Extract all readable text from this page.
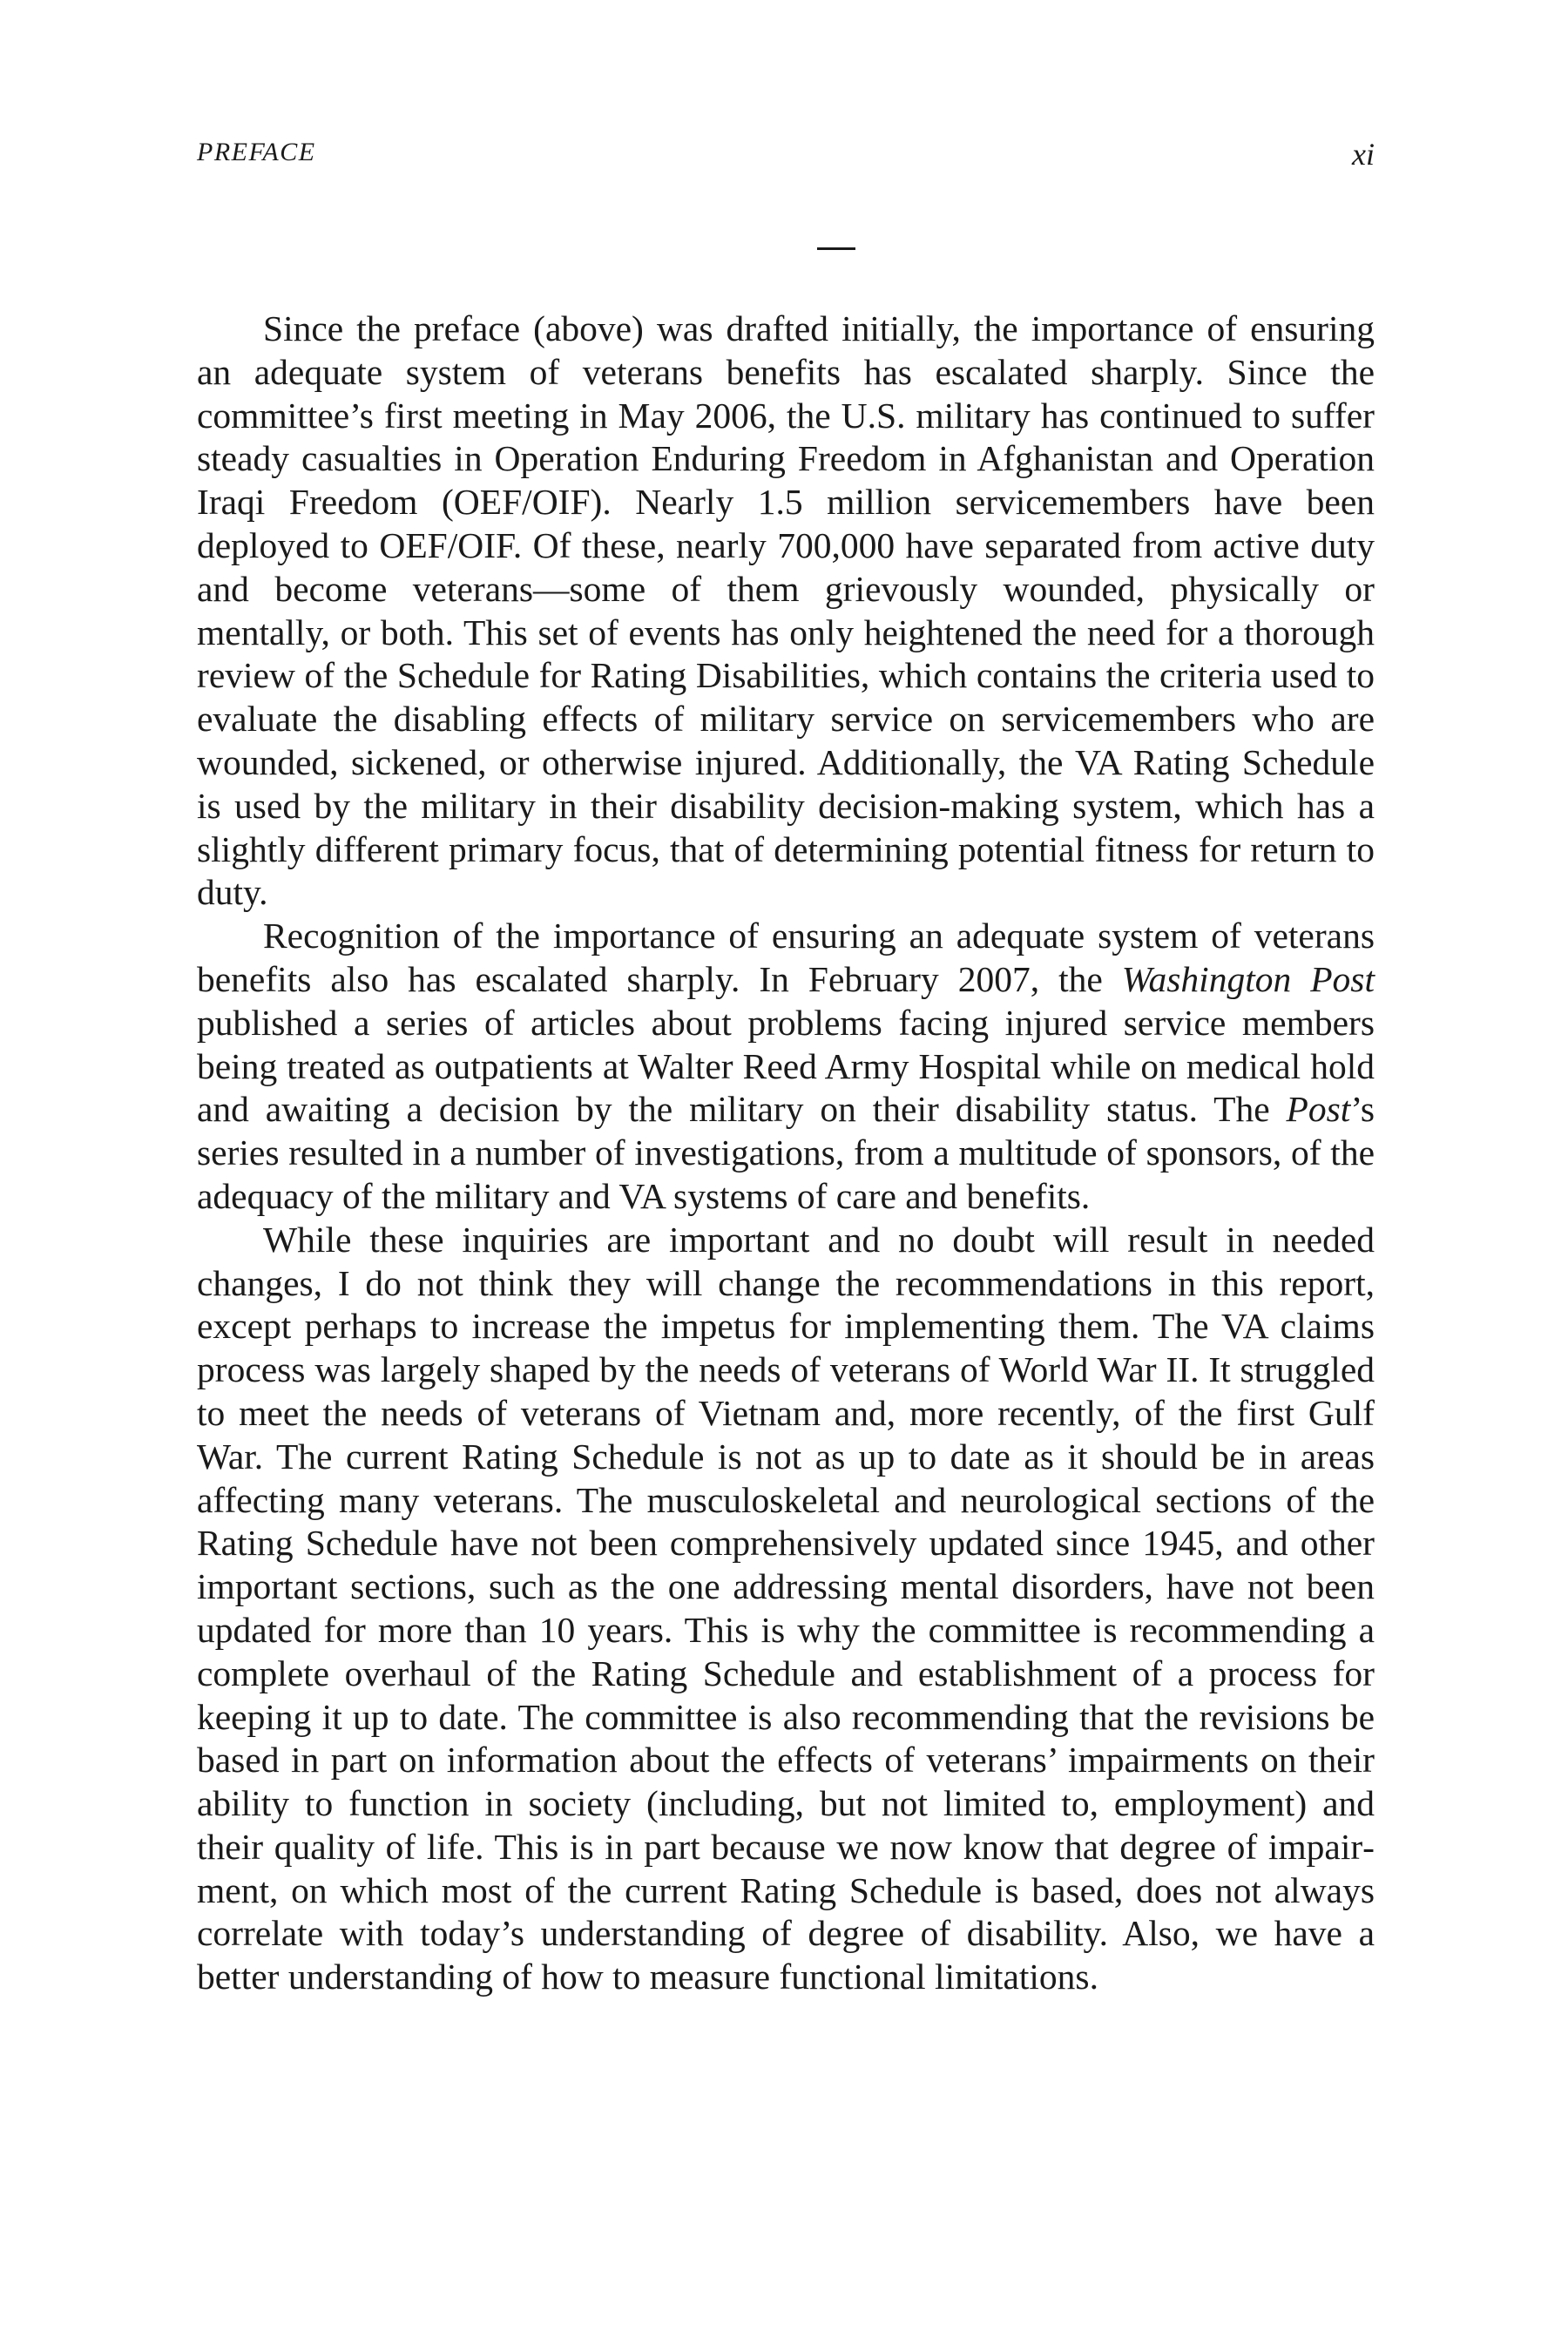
PREFACE	xi

Since the preface (above) was drafted initially, the importance of ensuring an adequate system of veterans benefits has escalated sharply. Since the committee’s first meeting in May 2006, the U.S. military has continued to suffer steady casualties in Operation Enduring Freedom in Afghanistan and Operation Iraqi Freedom (OEF/OIF). Nearly 1.5 million servicemembers have been deployed to OEF/OIF. Of these, nearly 700,000 have separated from active duty and become veterans—some of them grievously wounded, physically or mentally, or both. This set of events has only heightened the need for a thorough review of the Schedule for Rating Disabilities, which contains the criteria used to evaluate the disabling effects of military service on servicemembers who are wounded, sickened, or otherwise injured. Additionally, the VA Rating Schedule is used by the military in their disability decision-making system, which has a slightly different primary focus, that of determining potential fitness for return to duty.

Recognition of the importance of ensuring an adequate system of veterans benefits also has escalated sharply. In February 2007, the Washington Post published a series of articles about problems facing injured service members being treated as outpatients at Walter Reed Army Hospital while on medical hold and awaiting a decision by the military on their disability status. The Post’s series resulted in a number of investigations, from a multitude of sponsors, of the adequacy of the military and VA systems of care and benefits.

While these inquiries are important and no doubt will result in needed changes, I do not think they will change the recommendations in this report, except perhaps to increase the impetus for implementing them. The VA claims process was largely shaped by the needs of veterans of World War II. It struggled to meet the needs of veterans of Vietnam and, more recently, of the first Gulf War. The current Rating Schedule is not as up to date as it should be in areas affecting many veterans. The musculoskeletal and neurological sections of the Rating Schedule have not been comprehensively updated since 1945, and other important sections, such as the one addressing mental disorders, have not been updated for more than 10 years. This is why the committee is recommending a complete overhaul of the Rating Schedule and establishment of a process for keeping it up to date. The committee is also recommending that the revisions be based in part on information about the effects of veterans’ impairments on their ability to function in society (including, but not limited to, employment) and their quality of life. This is in part because we now know that degree of impairment, on which most of the current Rating Schedule is based, does not always correlate with today’s understanding of degree of disability. Also, we have a better understanding of how to measure functional limitations.
